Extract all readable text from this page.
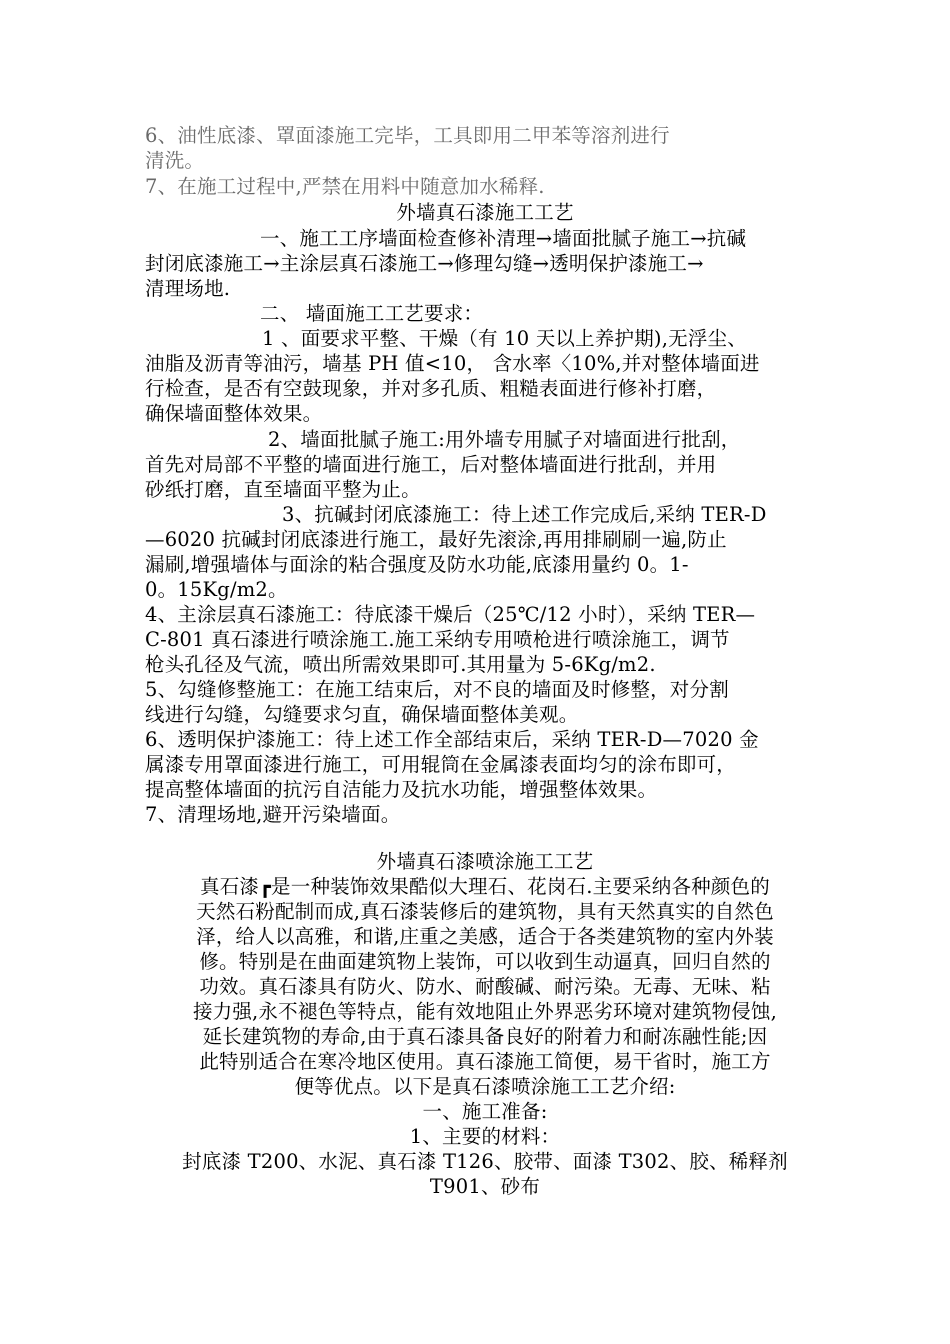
6、油性底漆、罩面漆施工完毕，工具即用二甲苯等溶剂进行
清洗。
7、在施工过程中,严禁在用料中随意加水稀释.
外墙真石漆施工工艺
一、施工工序墙面检查修补清理→墙面批腻子施工→抗碱
封闭底漆施工→主涂层真石漆施工→修理勾缝→透明保护漆施工→
清理场地.
二、 墙面施工工艺要求：
1 、面要求平整、干燥（有 10 天以上养护期),无浮尘、
油脂及沥青等油污，墙基 PH 值<10， 含水率〈10%,并对整体墙面进
行检查，是否有空鼓现象，并对多孔质、粗糙表面进行修补打磨，
确保墙面整体效果。
2、墙面批腻子施工:用外墙专用腻子对墙面进行批刮，
首先对局部不平整的墙面进行施工，后对整体墙面进行批刮，并用
砂纸打磨，直至墙面平整为止。
3、抗碱封闭底漆施工：待上述工作完成后,采纳 TER-D
—6020 抗碱封闭底漆进行施工，最好先滚涂,再用排刷刷一遍,防止
漏刷,增强墙体与面涂的粘合强度及防水功能,底漆用量约 0。1-
0。15Kg/m2。
4、主涂层真石漆施工：待底漆干燥后（25℃/12 小时），采纳 TER—
C-801 真石漆进行喷涂施工.施工采纳专用喷枪进行喷涂施工，调节
枪头孔径及气流，喷出所需效果即可.其用量为 5-6Kg/m2.
5、勾缝修整施工：在施工结束后，对不良的墙面及时修整，对分割
线进行勾缝，勾缝要求匀直，确保墙面整体美观。
6、透明保护漆施工：待上述工作全部结束后，采纳 TER-D—7020 金
属漆专用罩面漆进行施工，可用辊筒在金属漆表面均匀的涂布即可，
提高整体墙面的抗污自洁能力及抗水功能，增强整体效果。
7、清理场地,避开污染墙面。
外墙真石漆喷涂施工工艺
真石漆┏是一种装饰效果酷似大理石、花岗石.主要采纳各种颜色的
天然石粉配制而成,真石漆装修后的建筑物，具有天然真实的自然色
泽，给人以高雅，和谐,庄重之美感，适合于各类建筑物的室内外装
修。特别是在曲面建筑物上装饰，可以收到生动逼真，回归自然的
功效。真石漆具有防火、防水、耐酸碱、耐污染。无毒、无味、粘
接力强,永不褪色等特点，能有效地阻止外界恶劣环境对建筑物侵蚀,
延长建筑物的寿命,由于真石漆具备良好的附着力和耐冻融性能;因
此特别适合在寒冷地区使用。真石漆施工简便，易干省时，施工方
便等优点。以下是真石漆喷涂施工工艺介绍:
一、施工准备:
1、主要的材料：
封底漆 T200、水泥、真石漆 T126、胶带、面漆 T302、胶、稀释剂
T901、砂布
